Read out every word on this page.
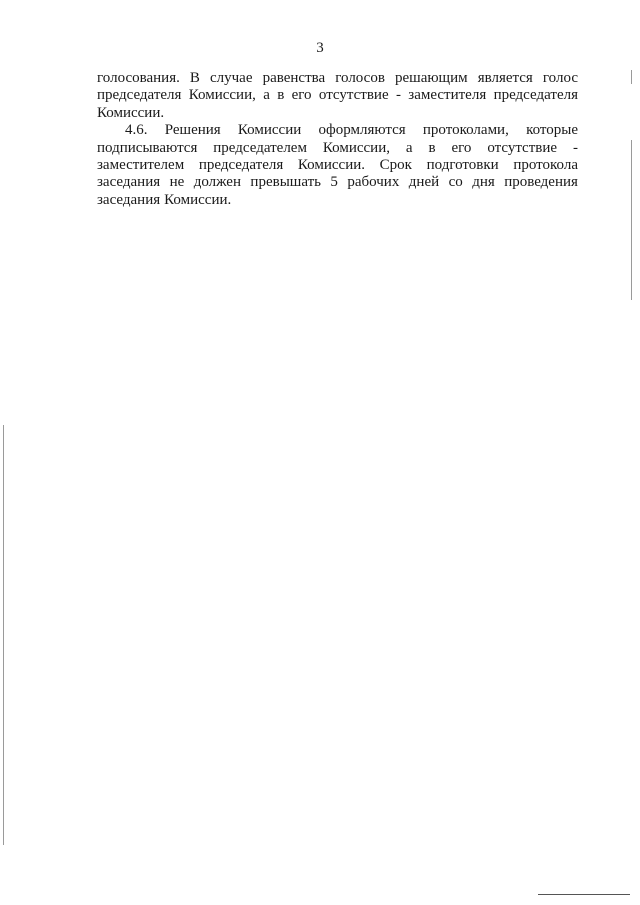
3
голосования. В случае равенства голосов решающим является голос
председателя Комиссии, а в его отсутствие - заместителя председателя
Комиссии.
4.6. Решения Комиссии оформляются протоколами, которые
подписываются председателем Комиссии, а в его отсутствие -
заместителем председателя Комиссии. Срок подготовки протокола
заседания не должен превышать 5 рабочих дней со дня проведения
заседания Комиссии.
